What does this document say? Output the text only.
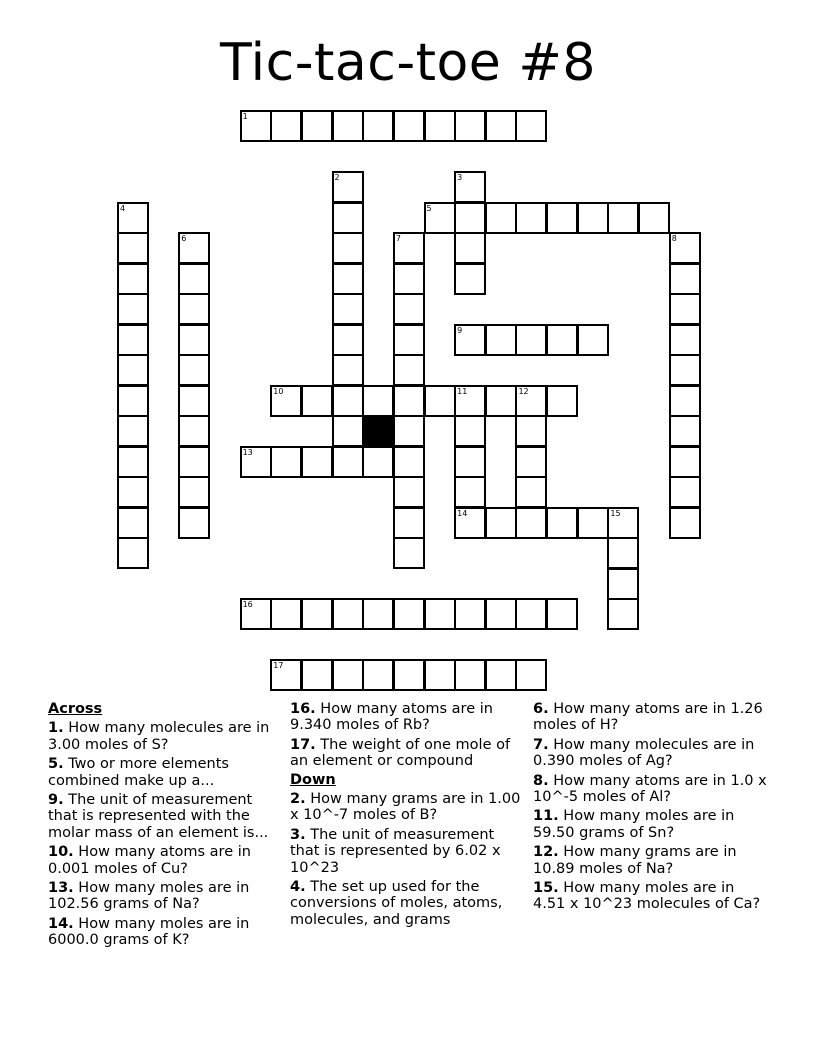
Tic-tac-toe #8
1
2	3
4	5
6	7	8
9
10	11	12
14
13
15
16
17
Across
1. How many molecules are in 3.00 moles of S?
5. Two or more elements combined make up a...
9. The unit of measurement that is represented with the molar mass of an element is...
10. How many atoms are in 0.001 moles of Cu?
13. How many moles are in 102.56 grams of Na?
14. How many moles are in 6000.0 grams of K?
16. How many atoms are in 9.340 moles of Rb?
17. The weight of one mole of an element or compound
Down
2. How many grams are in 1.00 x 10^-7 moles of B?
3. The unit of measurement that is represented by 6.02 x 10^23
4. The set up used for the conversions of moles, atoms, molecules, and grams
6. How many atoms are in 1.26 moles of H?
7. How many molecules are in 0.390 moles of Ag?
8. How many atoms are in 1.0 x 10^-5 moles of Al?
11. How many moles are in 59.50 grams of Sn?
12. How many grams are in 10.89 moles of Na?
15. How many moles are in 4.51 x 10^23 molecules of Ca?
